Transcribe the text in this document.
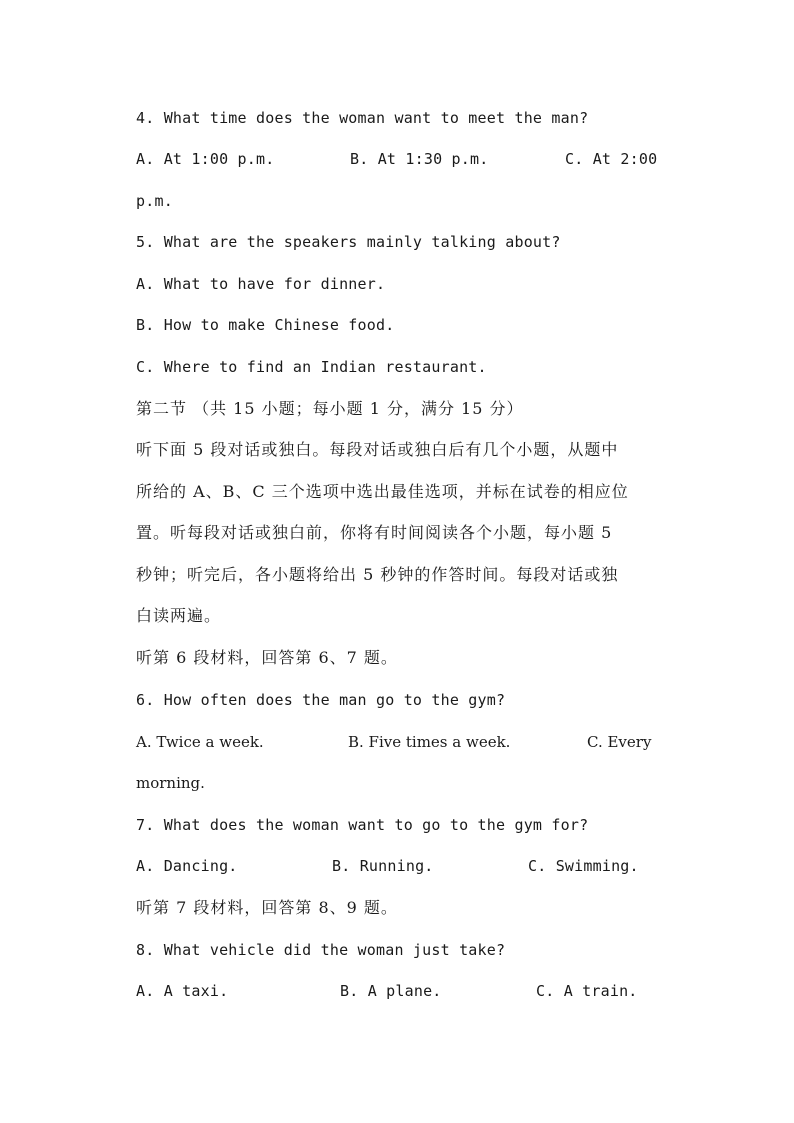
4. What time does the woman want to meet the man?
A. At 1:00 p.m.	B. At 1:30 p.m.	C. At 2:00
p.m.
5. What are the speakers mainly talking about?
A. What to have for dinner.
B. How to make Chinese food.
C. Where to find an Indian restaurant.
第二节 （共 15 小题；每小题 1 分，满分 15 分）
听下面 5 段对话或独白。每段对话或独白后有几个小题，从题中
所给的 A、B、C 三个选项中选出最佳选项，并标在试卷的相应位
置。听每段对话或独白前，你将有时间阅读各个小题，每小题 5
秒钟；听完后，各小题将给出 5 秒钟的作答时间。每段对话或独
白读两遍。
听第 6 段材料，回答第 6、7 题。
6. How often does the man go to the gym?
A. Twice a week.	B. Five times a week.	C. Every
morning.
7. What does the woman want to go to the gym for?
A. Dancing.	B. Running.	C. Swimming.
听第 7 段材料，回答第 8、9 题。
8. What vehicle did the woman just take?
A. A taxi.	B. A plane.	C. A train.
